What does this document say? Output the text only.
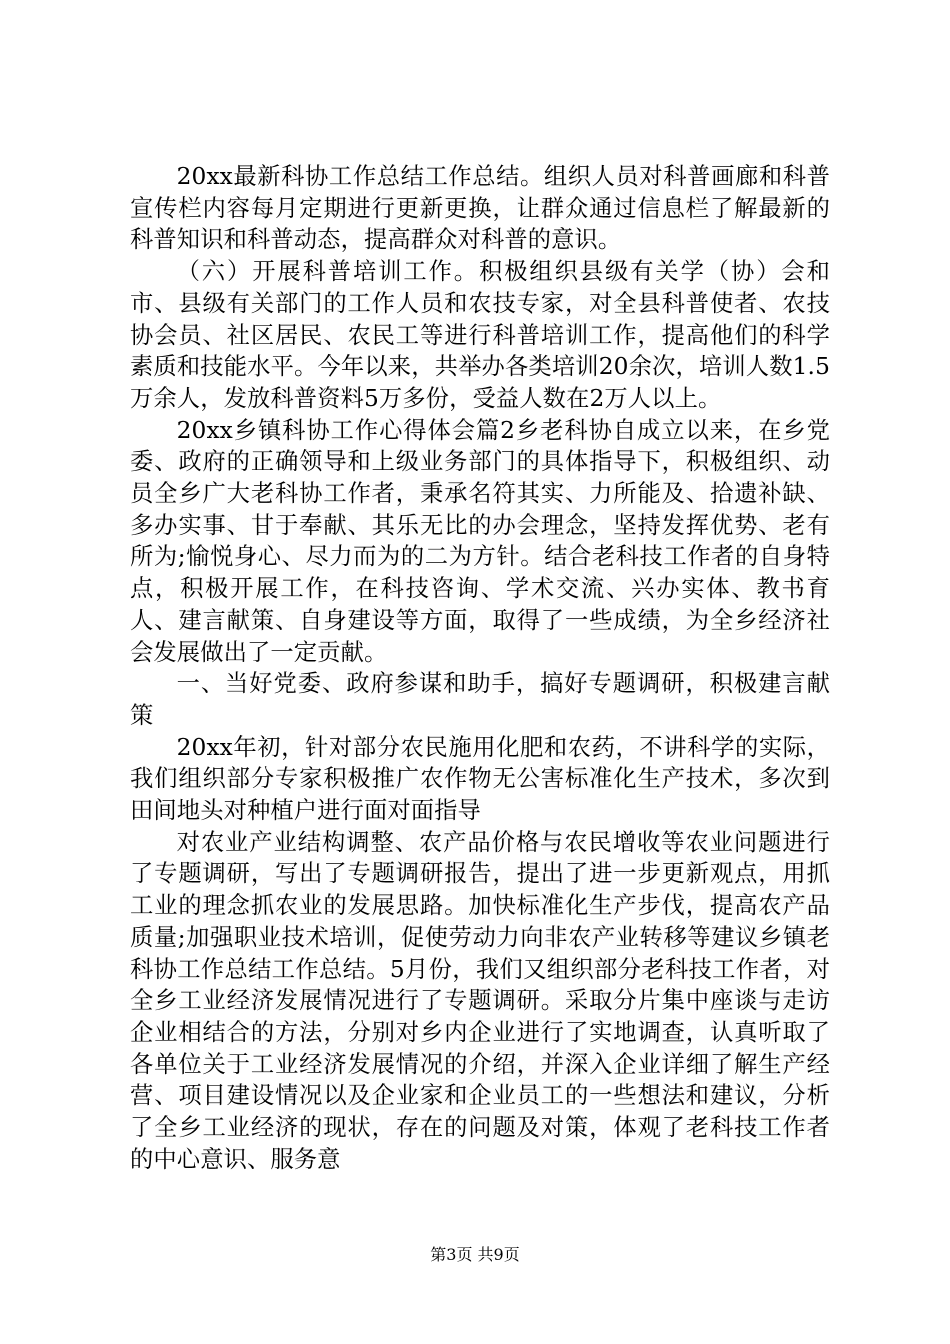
20xx最新科协工作总结工作总结。组织人员对科普画廊和科普宣传栏内容每月定期进行更新更换，让群众通过信息栏了解最新的科普知识和科普动态，提高群众对科普的意识。

（六）开展科普培训工作。积极组织县级有关学（协）会和市、县级有关部门的工作人员和农技专家，对全县科普使者、农技协会员、社区居民、农民工等进行科普培训工作，提高他们的科学素质和技能水平。今年以来，共举办各类培训20余次，培训人数1.5万余人，发放科普资料5万多份，受益人数在2万人以上。

20xx乡镇科协工作心得体会篇2乡老科协自成立以来，在乡党委、政府的正确领导和上级业务部门的具体指导下，积极组织、动员全乡广大老科协工作者，秉承名符其实、力所能及、拾遗补缺、多办实事、甘于奉献、其乐无比的办会理念，坚持发挥优势、老有所为;愉悦身心、尽力而为的二为方针。结合老科技工作者的自身特点，积极开展工作，在科技咨询、学术交流、兴办实体、教书育人、建言献策、自身建设等方面，取得了一些成绩，为全乡经济社会发展做出了一定贡献。

一、当好党委、政府参谋和助手，搞好专题调研，积极建言献策

20xx年初，针对部分农民施用化肥和农药，不讲科学的实际，我们组织部分专家积极推广农作物无公害标准化生产技术，多次到田间地头对种植户进行面对面指导

对农业产业结构调整、农产品价格与农民增收等农业问题进行了专题调研，写出了专题调研报告，提出了进一步更新观点，用抓工业的理念抓农业的发展思路。加快标准化生产步伐，提高农产品质量;加强职业技术培训，促使劳动力向非农产业转移等建议乡镇老科协工作总结工作总结。5月份，我们又组织部分老科技工作者，对全乡工业经济发展情况进行了专题调研。采取分片集中座谈与走访企业相结合的方法，分别对乡内企业进行了实地调查，认真听取了各单位关于工业经济发展情况的介绍，并深入企业详细了解生产经营、项目建设情况以及企业家和企业员工的一些想法和建议，分析了全乡工业经济的现状，存在的问题及对策，体观了老科技工作者的中心意识、服务意

第3页 共9页
